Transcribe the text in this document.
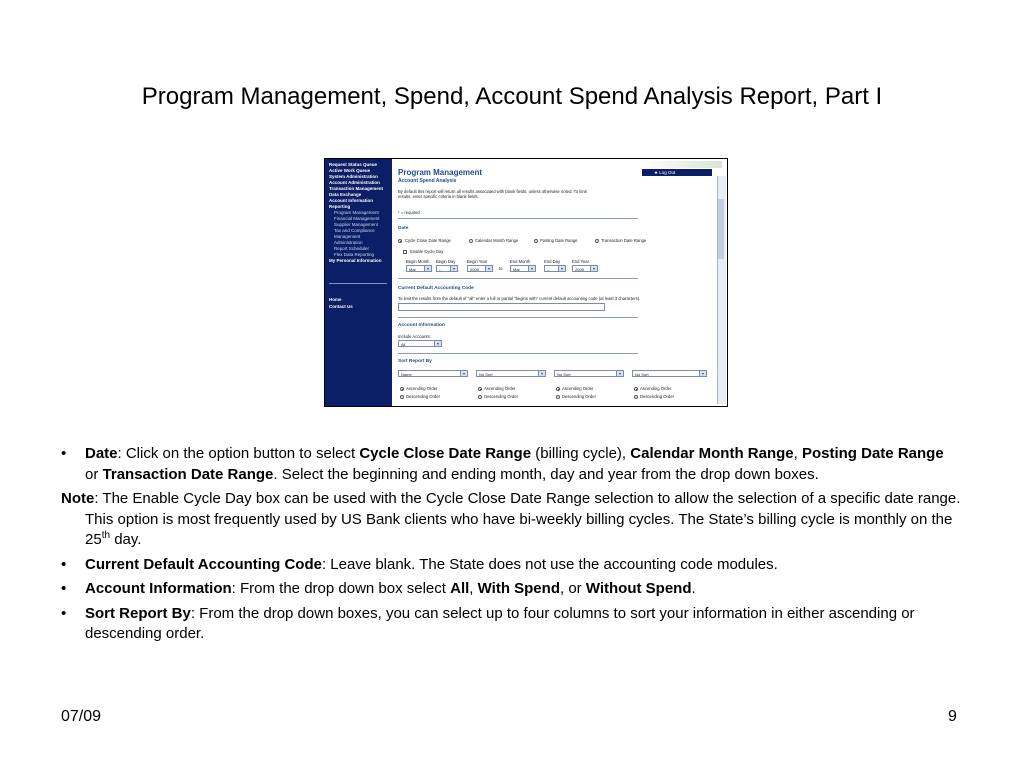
Program Management, Spend, Account Spend Analysis Report, Part I
Request Status Queue
Active Work Queue
System Administration
Account Administration
Transaction Management
Data Exchange
Account Information
Reporting
Program Management
Financial Management
Supplier Management
Tax and Compliance
Management
Administration
Report Scheduler
Flex Data Reporting
My Personal Information
Home
Contact Us
★ Log Out
Program Management
Account Spend Analysis
By default this report will return all results associated with blank fields, unless otherwise noted. To limit
results, enter specific criteria in blank fields.
* = required
Date
Cycle Close Date Range	Calendar Month Range	Posting Date Range	Transaction Date Range
Enable Cycle Day
Begin Month Begin Day	Begin Year	End Month	End Day	End Year
Mar	▾	--	▾	2009	▾	to	Mar	▾	--	▾	2009	▾
Current Default Accounting Code
To limit the results from the default of "all" enter a full or partial "begins with" current default accounting code (at least 3 characters).
Account Information
Include Accounts:
All	▾
Sort Report By
Name	▾	No Sort	▾	No Sort	▾	No Sort	▾
Ascending Order
Descending Order
Ascending Order
Descending Order
Ascending Order
Descending Order
Ascending Order
Descending Order
• Date: Click on the option button to select Cycle Close Date Range (billing cycle), Calendar Month Range, Posting Date Range or Transaction Date Range. Select the beginning and ending month, day and year from the drop down boxes.
Note: The Enable Cycle Day box can be used with the Cycle Close Date Range selection to allow the selection of a specific date range. This option is most frequently used by US Bank clients who have bi-weekly billing cycles. The State’s billing cycle is monthly on the 25th day.
• Current Default Accounting Code: Leave blank. The State does not use the accounting code modules.
• Account Information: From the drop down box select All, With Spend, or Without Spend.
• Sort Report By: From the drop down boxes, you can select up to four columns to sort your information in either ascending or descending order.
07/09	9
